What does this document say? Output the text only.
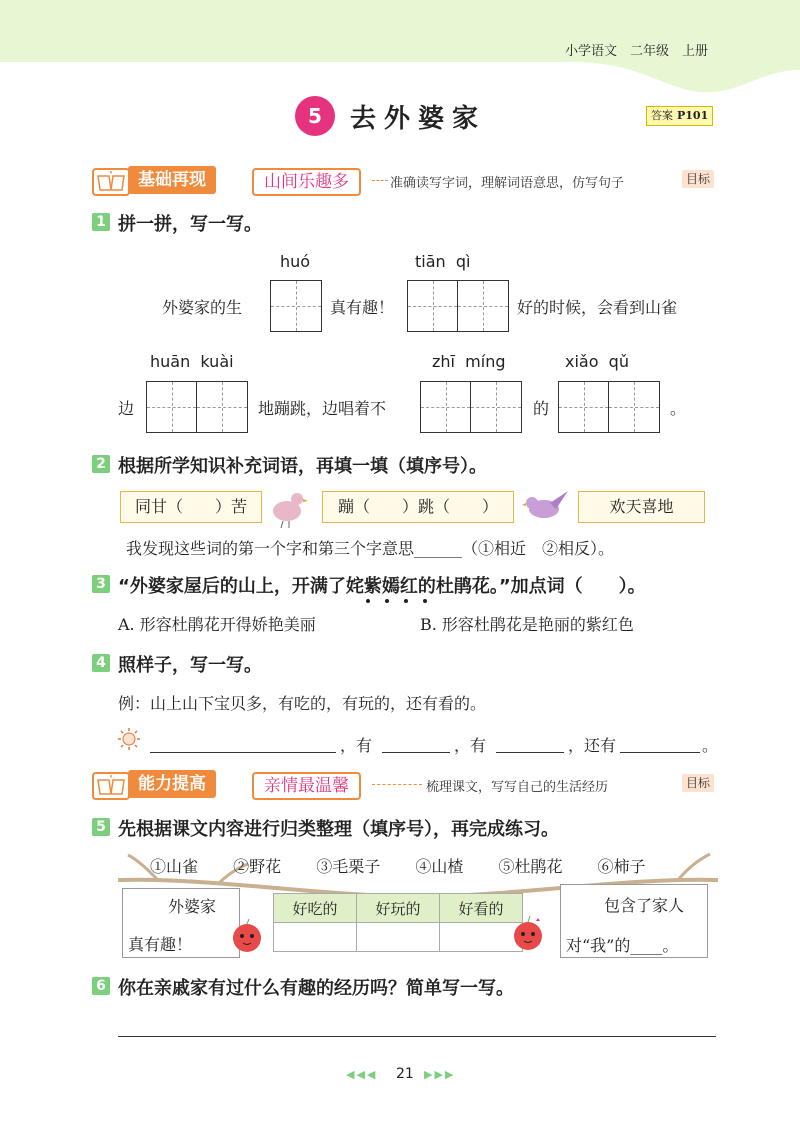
小学语文　二年级　上册
5	去外婆家	答案 P101
基础再现	山间乐趣多	准确读写字词，理解词语意思，仿写句子	目标
1 拼一拼，写一写。
huó	tiān  qì
外婆家的生	真有趣！	好的时候，会看到山雀
huān  kuài	zhī  míng	xiǎo  qǔ
边	地蹦跳，边唱着不	的	。
2 根据所学知识补充词语，再填一填（填序号）。
同甘（　　）苦	蹦（　　）跳（　　）	欢天喜地
我发现这些词的第一个字和第三个字意思______（①相近　②相反）。
3 “外婆家屋后的山上，开满了姹紫嫣红的杜鹃花。”加点词（　　）。
A. 形容杜鹃花开得娇艳美丽	B. 形容杜鹃花是艳丽的紫红色
4 照样子，写一写。
例：山上山下宝贝多，有吃的，有玩的，还有看的。
，有	，有	，还有	。
能力提高	亲情最温馨	梳理课文，写写自己的生活经历	目标
5 先根据课文内容进行归类整理（填序号），再完成练习。
①山雀 ②野花 ③毛栗子 ④山楂 ⑤杜鹃花 ⑥柿子
外婆家
真有趣！
好吃的	好玩的	好看的
			包含了家人
对“我”的____。
6 你在亲戚家有过什么有趣的经历吗？简单写一写。
◀◀◀ 21 ▶▶▶
